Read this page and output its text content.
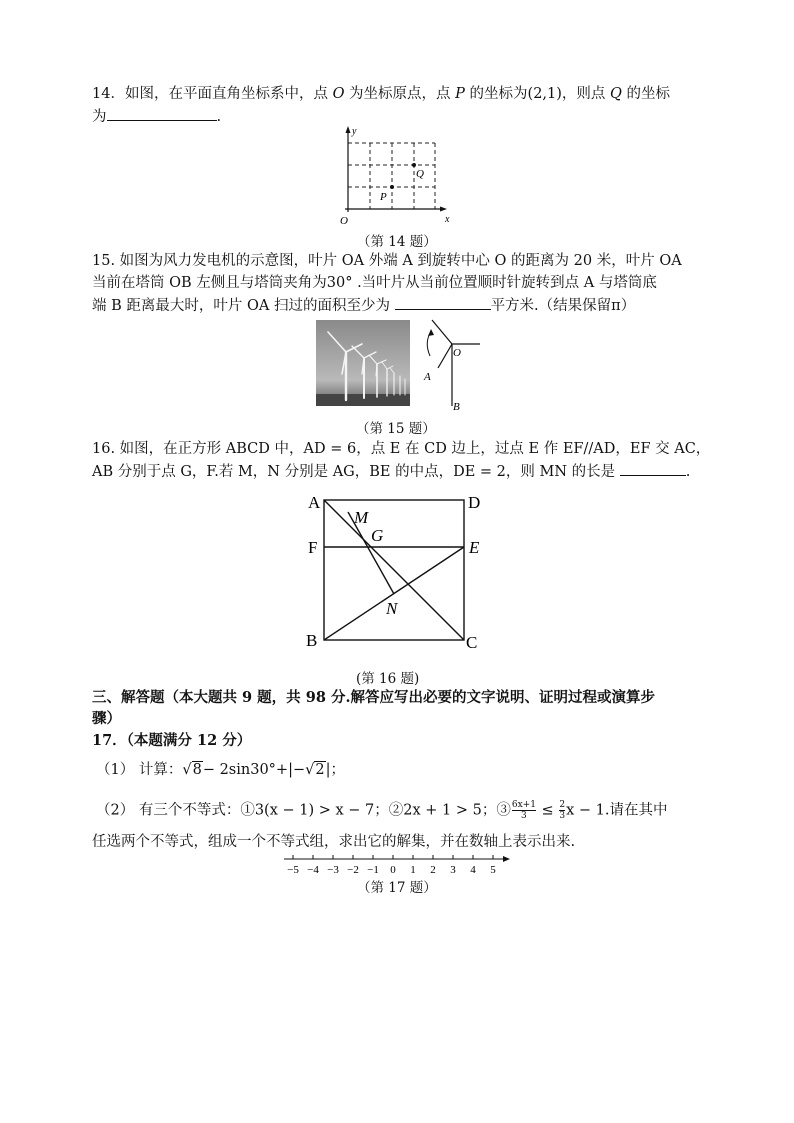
14．如图，在平面直角坐标系中，点 O 为坐标原点，点 P 的坐标为(2,1)，则点 Q 的坐标
为	.
y
x
O
P
Q
（第 14 题）
15. 如图为风力发电机的示意图，叶片 OA 外端 A 到旋转中心 O 的距离为 20 米，叶片 OA
当前在塔筒 OB 左侧且与塔筒夹角为30° .当叶片从当前位置顺时针旋转到点 A 与塔筒底
端 B 距离最大时，叶片 OA 扫过的面积至少为	平方米.（结果保留π）
O
A
B
（第 15 题）
16. 如图，在正方形 ABCD 中，AD = 6，点 E 在 CD 边上，过点 E 作 EF//AD，EF 交 AC，
AB 分别于点 G，F.若 M，N 分别是 AG，BE 的中点，DE = 2，则 MN 的长是	.
A	D
M
F
G
E
N
B	C
(第 16 题)
三、解答题（本大题共 9 题，共 98 分.解答应写出必要的文字说明、证明过程或演算步
骤）
17．（本题满分 12 分）
（1） 计算：√8− 2sin30°+|−√2|；
（2） 有三个不等式：①3(x − 1) > x − 7；②2x + 1 > 5；③ $\frac{6x+1}{3} \le \frac{2}{3}$ x − 1.请在其中
任选两个不等式，组成一个不等式组，求出它的解集，并在数轴上表示出来.
−5 −4 −3 −2 −1 0 1 2 3 4 5
（第 17 题）
